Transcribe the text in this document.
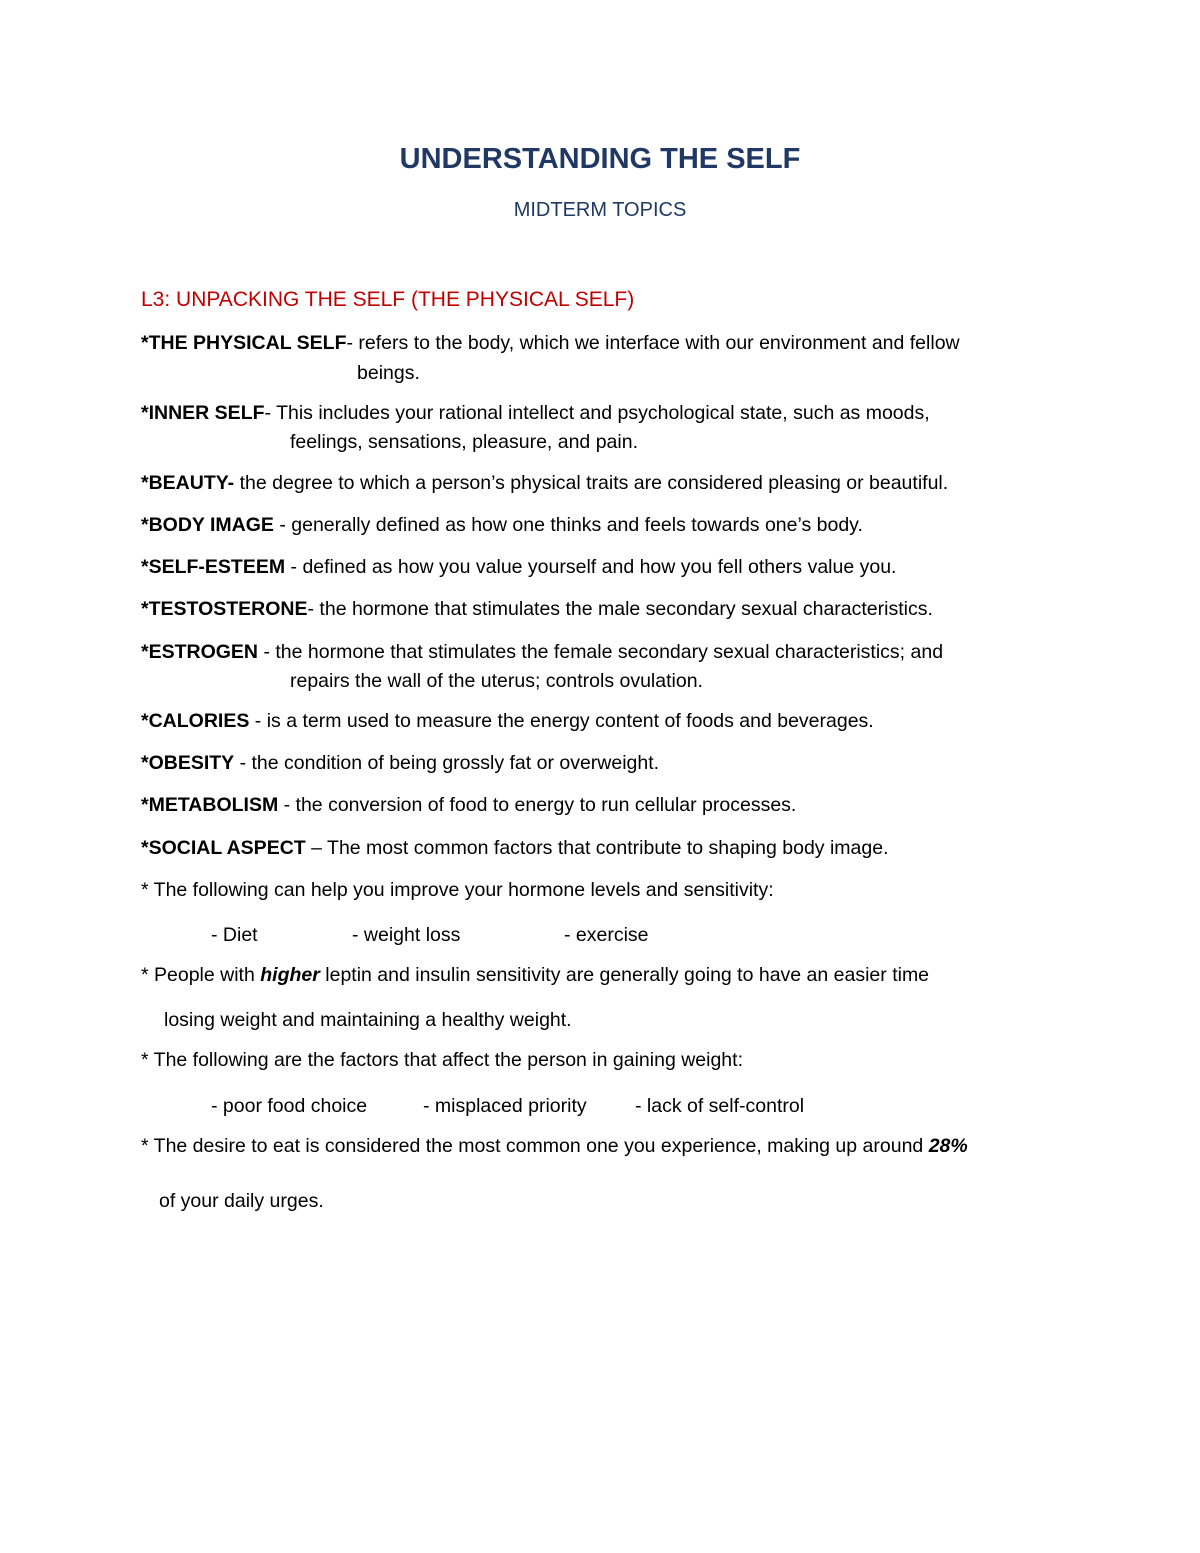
UNDERSTANDING THE SELF
MIDTERM TOPICS
L3: UNPACKING THE SELF (THE PHYSICAL SELF)
*THE PHYSICAL SELF- refers to the body, which we interface with our environment and fellow
beings.
*INNER SELF- This includes your rational intellect and psychological state, such as moods,
feelings, sensations, pleasure, and pain.
*BEAUTY- the degree to which a person’s physical traits are considered pleasing or beautiful.
*BODY IMAGE - generally defined as how one thinks and feels towards one’s body.
*SELF-ESTEEM - defined as how you value yourself and how you fell others value you.
*TESTOSTERONE- the hormone that stimulates the male secondary sexual characteristics.
*ESTROGEN - the hormone that stimulates the female secondary sexual characteristics; and
repairs the wall of the uterus; controls ovulation.
*CALORIES - is a term used to measure the energy content of foods and beverages.
*OBESITY - the condition of being grossly fat or overweight.
*METABOLISM - the conversion of food to energy to run cellular processes.
*SOCIAL ASPECT – The most common factors that contribute to shaping body image.
* The following can help you improve your hormone levels and sensitivity:
- Diet	- weight loss	- exercise
* People with higher leptin and insulin sensitivity are generally going to have an easier time
losing weight and maintaining a healthy weight.
* The following are the factors that affect the person in gaining weight:
- poor food choice	- misplaced priority - lack of self-control
* The desire to eat is considered the most common one you experience, making up around 28%
of your daily urges.
